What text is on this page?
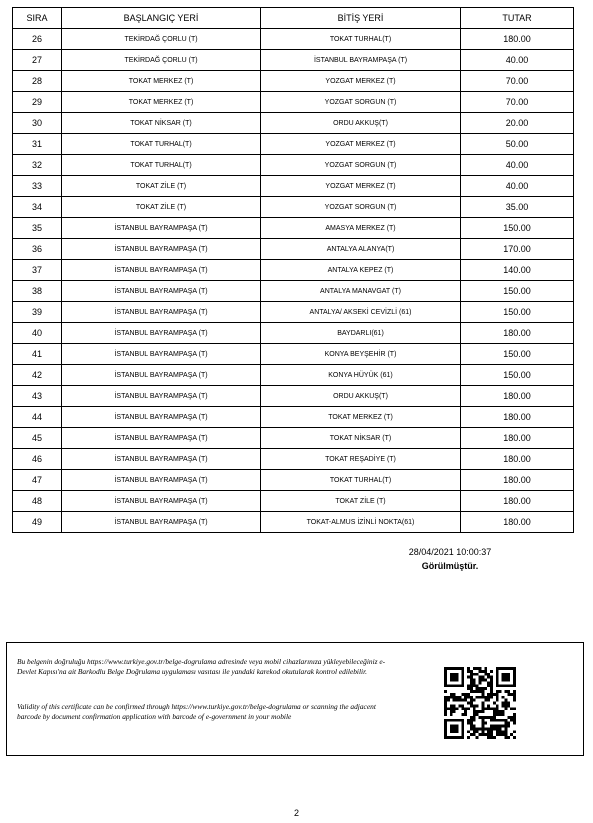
SIRA	BAŞLANGIÇ YERİ	BİTİŞ YERİ	TUTAR
26	TEKİRDAĞ ÇORLU (T)	TOKAT TURHAL(T)	180.00
27	TEKİRDAĞ ÇORLU (T)	İSTANBUL BAYRAMPAŞA (T)	40.00
28	TOKAT MERKEZ (T)	YOZGAT MERKEZ (T)	70.00
29	TOKAT MERKEZ (T)	YOZGAT SORGUN (T)	70.00
30	TOKAT NİKSAR (T)	ORDU AKKUŞ(T)	20.00
31	TOKAT TURHAL(T)	YOZGAT MERKEZ (T)	50.00
32	TOKAT TURHAL(T)	YOZGAT SORGUN (T)	40.00
33	TOKAT ZİLE (T)	YOZGAT MERKEZ (T)	40.00
34	TOKAT ZİLE (T)	YOZGAT SORGUN (T)	35.00
35	İSTANBUL BAYRAMPAŞA (T)	AMASYA MERKEZ (T)	150.00
36	İSTANBUL BAYRAMPAŞA (T)	ANTALYA ALANYA(T)	170.00
37	İSTANBUL BAYRAMPAŞA (T)	ANTALYA KEPEZ (T)	140.00
38	İSTANBUL BAYRAMPAŞA (T)	ANTALYA MANAVGAT (T)	150.00
39	İSTANBUL BAYRAMPAŞA (T)	ANTALYA/ AKSEKİ CEVİZLİ (61)	150.00
40	İSTANBUL BAYRAMPAŞA (T)	BAYDARLI(61)	180.00
41	İSTANBUL BAYRAMPAŞA (T)	KONYA BEYŞEHİR (T)	150.00
42	İSTANBUL BAYRAMPAŞA (T)	KONYA HÜYÜK (61)	150.00
43	İSTANBUL BAYRAMPAŞA (T)	ORDU AKKUŞ(T)	180.00
44	İSTANBUL BAYRAMPAŞA (T)	TOKAT MERKEZ (T)	180.00
45	İSTANBUL BAYRAMPAŞA (T)	TOKAT NİKSAR (T)	180.00
46	İSTANBUL BAYRAMPAŞA (T)	TOKAT REŞADİYE (T)	180.00
47	İSTANBUL BAYRAMPAŞA (T)	TOKAT TURHAL(T)	180.00
48	İSTANBUL BAYRAMPAŞA (T)	TOKAT ZİLE (T)	180.00
49	İSTANBUL BAYRAMPAŞA (T)	TOKAT-ALMUS İZİNLİ NOKTA(61)	180.00
28/04/2021 10:00:37
Görülmüştür.

Bu belgenin doğruluğu https://www.turkiye.gov.tr/belge-dogrulama adresinde veya mobil cihazlarınıza yükleyebileceğiniz e-Devlet Kapısı'na ait Barkodlu Belge Doğrulama uygulaması vasıtası ile yandaki karekod okutularak kontrol edilebilir.

Validity of this certificate can be confirmed through https://www.turkiye.gov.tr/belge-dogrulama or scanning the adjacent barcode by document confirmation application with barcode of e-government in your mobile

2
